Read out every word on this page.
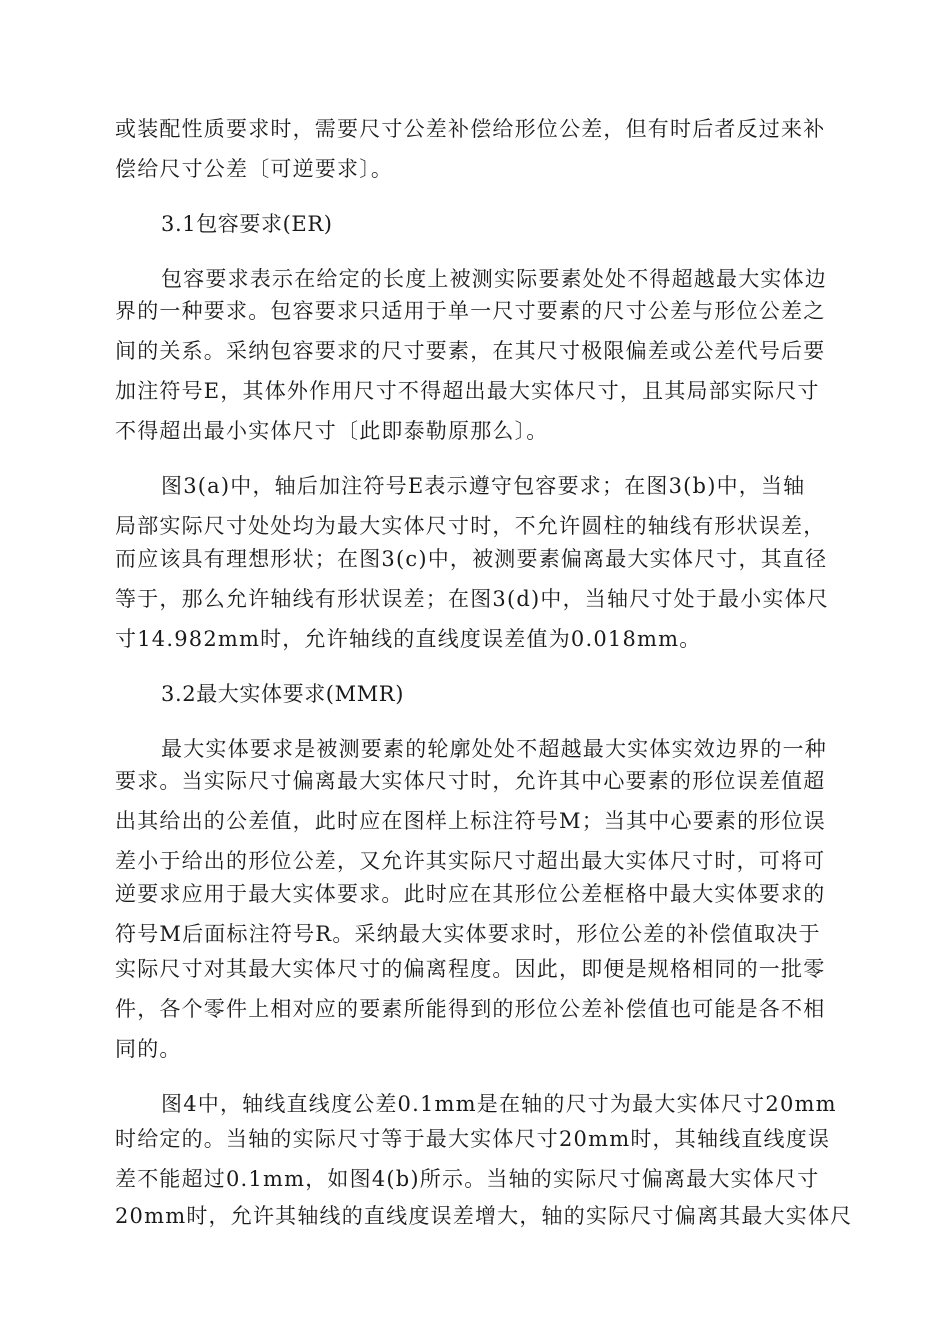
或装配性质要求时，需要尺寸公差补偿给形位公差，但有时后者反过来补
偿给尺寸公差〔可逆要求〕。
3.1包容要求(ER)
包容要求表示在给定的长度上被测实际要素处处不得超越最大实体边
界的一种要求。包容要求只适用于单一尺寸要素的尺寸公差与形位公差之
间的关系。采纳包容要求的尺寸要素，在其尺寸极限偏差或公差代号后要
加注符号E，其体外作用尺寸不得超出最大实体尺寸，且其局部实际尺寸
不得超出最小实体尺寸〔此即泰勒原那么〕。
图3(a)中，轴后加注符号E表示遵守包容要求；在图3(b)中，当轴
局部实际尺寸处处均为最大实体尺寸时，不允许圆柱的轴线有形状误差，
而应该具有理想形状；在图3(c)中，被测要素偏离最大实体尺寸，其直径
等于，那么允许轴线有形状误差；在图3(d)中，当轴尺寸处于最小实体尺
寸14.982mm时，允许轴线的直线度误差值为0.018mm。
3.2最大实体要求(MMR)
最大实体要求是被测要素的轮廓处处不超越最大实体实效边界的一种
要求。当实际尺寸偏离最大实体尺寸时，允许其中心要素的形位误差值超
出其给出的公差值，此时应在图样上标注符号M；当其中心要素的形位误
差小于给出的形位公差，又允许其实际尺寸超出最大实体尺寸时，可将可
逆要求应用于最大实体要求。此时应在其形位公差框格中最大实体要求的
符号M后面标注符号R。采纳最大实体要求时，形位公差的补偿值取决于
实际尺寸对其最大实体尺寸的偏离程度。因此，即便是规格相同的一批零
件，各个零件上相对应的要素所能得到的形位公差补偿值也可能是各不相
同的。
图4中，轴线直线度公差0.1mm是在轴的尺寸为最大实体尺寸20mm
时给定的。当轴的实际尺寸等于最大实体尺寸20mm时，其轴线直线度误
差不能超过0.1mm，如图4(b)所示。当轴的实际尺寸偏离最大实体尺寸
20mm时，允许其轴线的直线度误差增大，轴的实际尺寸偏离其最大实体尺
